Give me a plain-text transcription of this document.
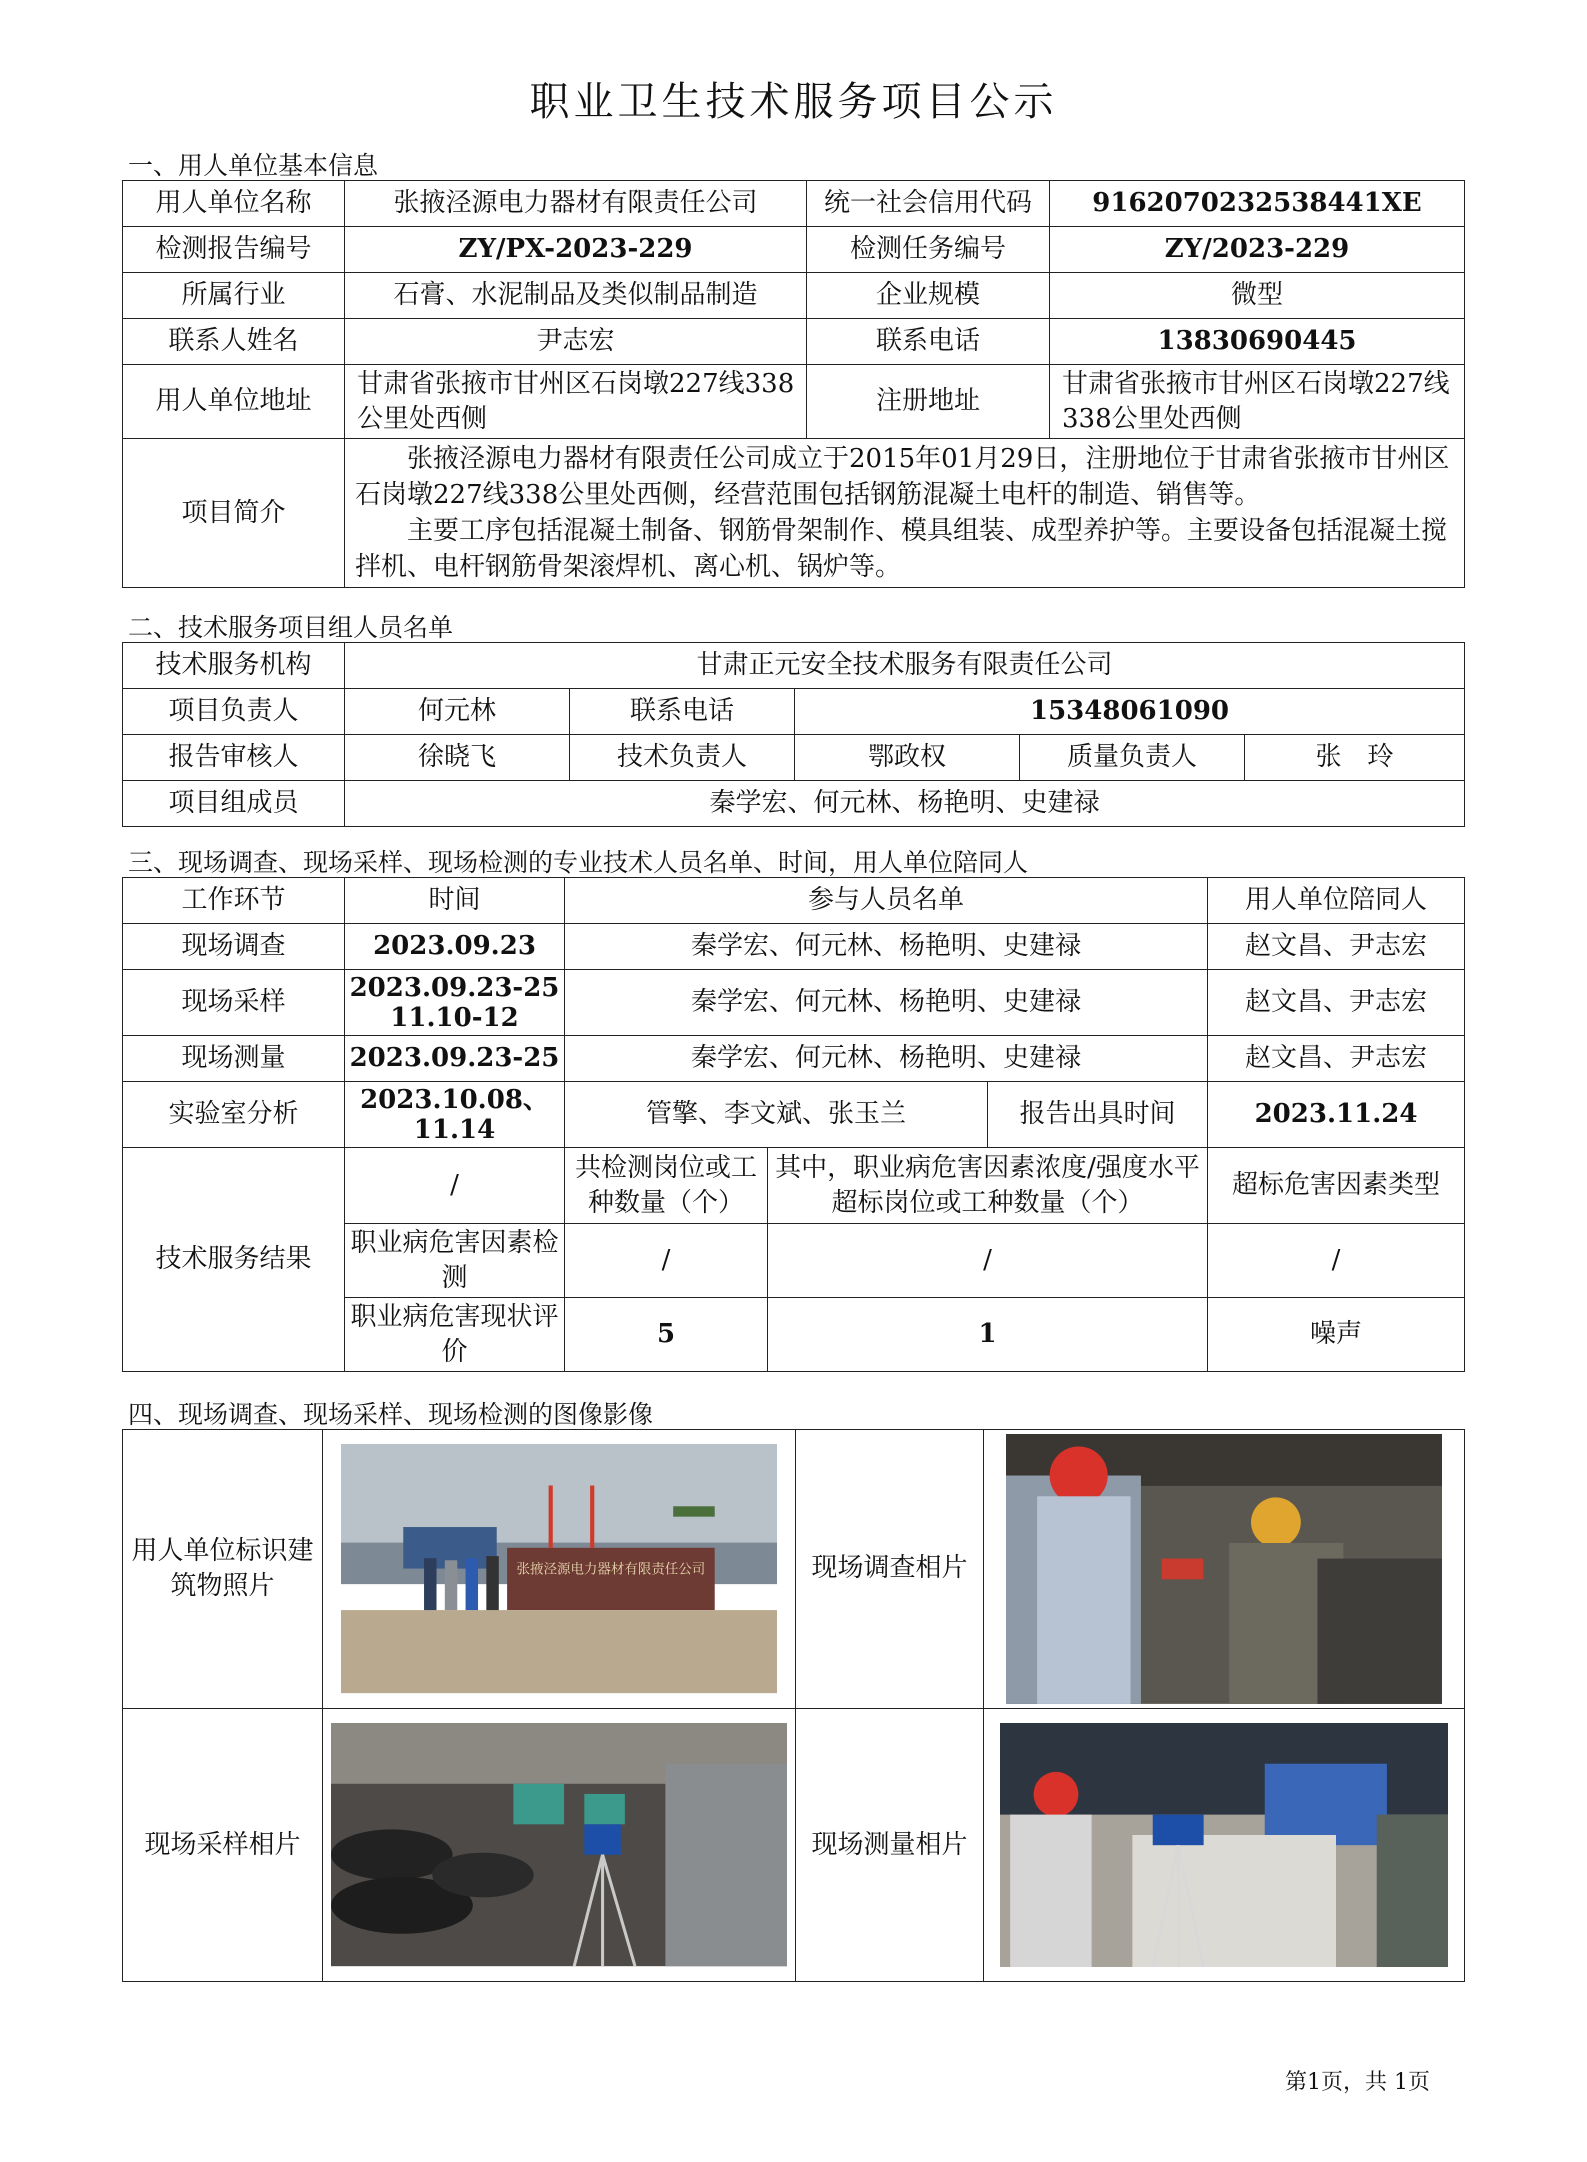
职业卫生技术服务项目公示
一、用人单位基本信息
用人单位名称	张掖泾源电力器材有限责任公司	统一社会信用代码	9162070232538441XE
检测报告编号	ZY/PX-2023-229	检测任务编号	ZY/2023-229
所属行业	石膏、水泥制品及类似制品制造	企业规模	微型
联系人姓名	尹志宏	联系电话	13830690445
用人单位地址	甘肃省张掖市甘州区石岗墩227线338公里处西侧	注册地址	甘肃省张掖市甘州区石岗墩227线338公里处西侧
项目简介	张掖泾源电力器材有限责任公司成立于2015年01月29日，注册地位于甘肃省张掖市甘州区石岗墩227线338公里处西侧，经营范围包括钢筋混凝土电杆的制造、销售等。

主要工序包括混凝土制备、钢筋骨架制作、模具组装、成型养护等。主要设备包括混凝土搅拌机、电杆钢筋骨架滚焊机、离心机、锅炉等。		

二、技术服务项目组人员名单
技术服务机构	甘肃正元安全技术服务有限责任公司				
项目负责人	何元林	联系电话	15348061090		
报告审核人	徐晓飞	技术负责人	鄂政权	质量负责人	张　玲
项目组成员	秦学宏、何元林、杨艳明、史建禄				
三、现场调查、现场采样、现场检测的专业技术人员名单、时间，用人单位陪同人
工作环节	时间	参与人员名单			用人单位陪同人
现场调查	2023.09.23	秦学宏、何元林、杨艳明、史建禄			赵文昌、尹志宏
现场采样	2023.09.23-25 11.10-12	秦学宏、何元林、杨艳明、史建禄			赵文昌、尹志宏
现场测量	2023.09.23-25	秦学宏、何元林、杨艳明、史建禄			赵文昌、尹志宏
实验室分析	2023.10.08、11.14	管擎、李文斌、张玉兰		报告出具时间	2023.11.24
技术服务结果	/	共检测岗位或工种数量（个）	其中，职业病危害因素浓度/强度水平超标岗位或工种数量（个）		超标危害因素类型
	职业病危害因素检测	/	/		/
	职业病危害现状评价	5	1		噪声
四、现场调查、现场采样、现场检测的图像影像
用人单位标识建筑物照片	张掖泾源电力器材有限责任公司	现场调查相片	

现场采样相片		现场测量相片	
第1页，共 1页
